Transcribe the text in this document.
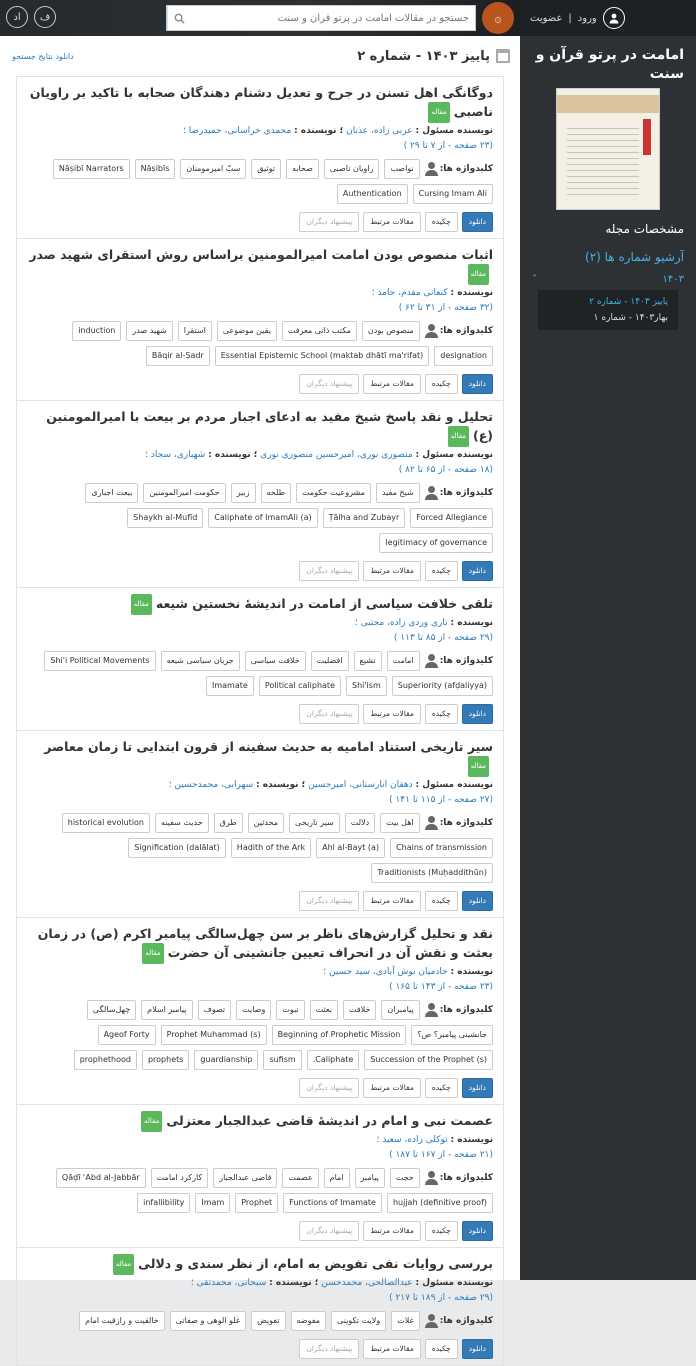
اد	ف
جستجو در مقالات امامت در پرتو قرآن و سنت	۞	ورود
|
عضویت
امامت در پرتو قرآن و سنت
مشخصات مجله
آرشیو شماره ها (۲)
۱۴۰۳
˄
پاییز ۱۴۰۳ - شماره ۲
بهار۱۴۰۳ - شماره ۱
پاییز ۱۴۰۳ - شماره ۲
دانلود نتایج جستجو
دوگانگی اهل تسنن در جرح و تعدیل دشنام دهندگان صحابه با تاکید بر راویان ناصبیمقاله
نویسنده مسئول : عربی زاده، عذنان ؛ نویسنده : محمدی خراسانی، حمیدرضا ؛
(۲۳ صفحه - از ۷ تا ۲۹ )
کلیدواژه ها:
نواصب
راویان ناصبی
صحابه
توثیق
سبّ امیرمومنان
Nāṣibīs
Nāṣibī Narrators
Cursing Imam Ali
Authentication
دانلود
چکیده
مقالات مرتبط
پیشنهاد دیگران
اثبات منصوص بودن امامت امیرالمومنین براساس روش استقرای شهید صدرمقاله
نویسنده : کنعانی مقدم، حامد ؛
(۳۲ صفحه - از ۳۱ تا ۶۲ )
کلیدواژه ها:
منصوص بودن
مکتب ذاتی معرفت
یقین موضوعی
استقرا
شهید صدر
induction
designation
Essential Epistemic School (maktab dhātī ma'rifat)
Bāqir al-Ṣadr
دانلود
چکیده
مقالات مرتبط
پیشنهاد دیگران
تحلیل و نقد پاسخ شیخ مفید به ادعای اجبار مردم بر بیعت با امیرالمومنین (ع)مقاله
نویسنده مسئول : منصوری نوری، امیرحسین منصوری نوری ؛ نویسنده : شهبازی، سجاد ؛
(۱۸ صفحه - از ۶۵ تا ۸۲ )
کلیدواژه ها:
شیخ مفید
مشروعیت حکومت
طلحه
زبیر
حکومت امیرالمومنین
بیعت اجباری
Forced Allegiance
Ṭālha and Zubayr
Caliphate of ImamAli (a)
Shaykh al-Mufīd
legitimacy of governance
دانلود
چکیده
مقالات مرتبط
پیشنهاد دیگران
تلقی خلافت سیاسی از امامت در اندیشهٔ نخستین شیعهمقاله
نویسنده : تاری وردی زاده، مجتبی ؛
(۲۹ صفحه - از ۸۵ تا ۱۱۳ )
کلیدواژه ها:
امامت
تشیع
افضلیت
خلافت سیاسی
جریان سیاسی شیعه
Shi'i Political Movements
Superiority (afḍaliyya)
Shi'ism
Political caliphate
Imamate
دانلود
چکیده
مقالات مرتبط
پیشنهاد دیگران
سیر تاریخی استناد امامیه به حدیث سفینه از قرون ابتدایی تا زمان معاصرمقاله
نویسنده مسئول : دهقان انارستانی، امیرحسین ؛ نویسنده : سهرابی، محمدحسین ؛
(۲۷ صفحه - از ۱۱۵ تا ۱۴۱ )
کلیدواژه ها:
اهل بیت
دلالت
سیر تاریخی
محدثین
طرق
حدیث سفینه
historical evolution
Chains of transmission
Ahl al-Bayt (a)
Hadith of the Ark
Signification (dalālat)
Traditionists (Muḥaddithūn)
دانلود
چکیده
مقالات مرتبط
پیشنهاد دیگران
نقد و تحلیل گزارش‌های ناظر بر سن چهل‌سالگی پیامبر اکرم (ص) در زمان بعثت و نقش آن در انحراف تعیین جانشینی آن حضرتمقاله
نویسنده : خادمیان نوش آبادی، سید حسین ؛
(۲۳ صفحه - از ۱۴۳ تا ۱۶۵ )
کلیدواژه ها:
پیامبران
خلافت
بعثت
نبوت
وصایت
تصوف
پیامبر اسلام
چهل‌سالگی
جانشینی پیامبر؟ ص؟
Beginning of Prophetic Mission
Prophet Muhammad (s)
Ageof Forty
Succession of the Prophet (s)
Caliphate.
sufism
guardianship
prophets
prophethood
دانلود
چکیده
مقالات مرتبط
پیشنهاد دیگران
عصمت نبی و امام در اندیشهٔ قاضی عبدالجبار معتزلیمقاله
نویسنده : توکلی زاده، سعید ؛
(۲۱ صفحه - از ۱۶۷ تا ۱۸۷ )
کلیدواژه ها:
حجت
پیامبر
امام
عصمت
قاضی عبدالجبار
کارکرد امامت
Qāḍī ʿAbd al-Jabbār
hujjah (definitive proof)
Functions of Imamate
Prophet
Imam
infallibility
دانلود
چکیده
مقالات مرتبط
پیشنهاد دیگران
بررسی روایات نفی تفویض به امام، از نظر سندی و دلالیمقاله
نویسنده مسئول : عبدالصالحی، محمدحسن ؛ نویسنده : سبحانی، محمدتقی ؛
(۲۹ صفحه - از ۱۸۹ تا ۲۱۷ )
کلیدواژه ها:
غلات
ولایت تکوینی
مفوضه
تفویض
غلو الوهی و صفاتی
خالقیت و رازقیت امام
دانلود
چکیده
مقالات مرتبط
پیشنهاد دیگران
